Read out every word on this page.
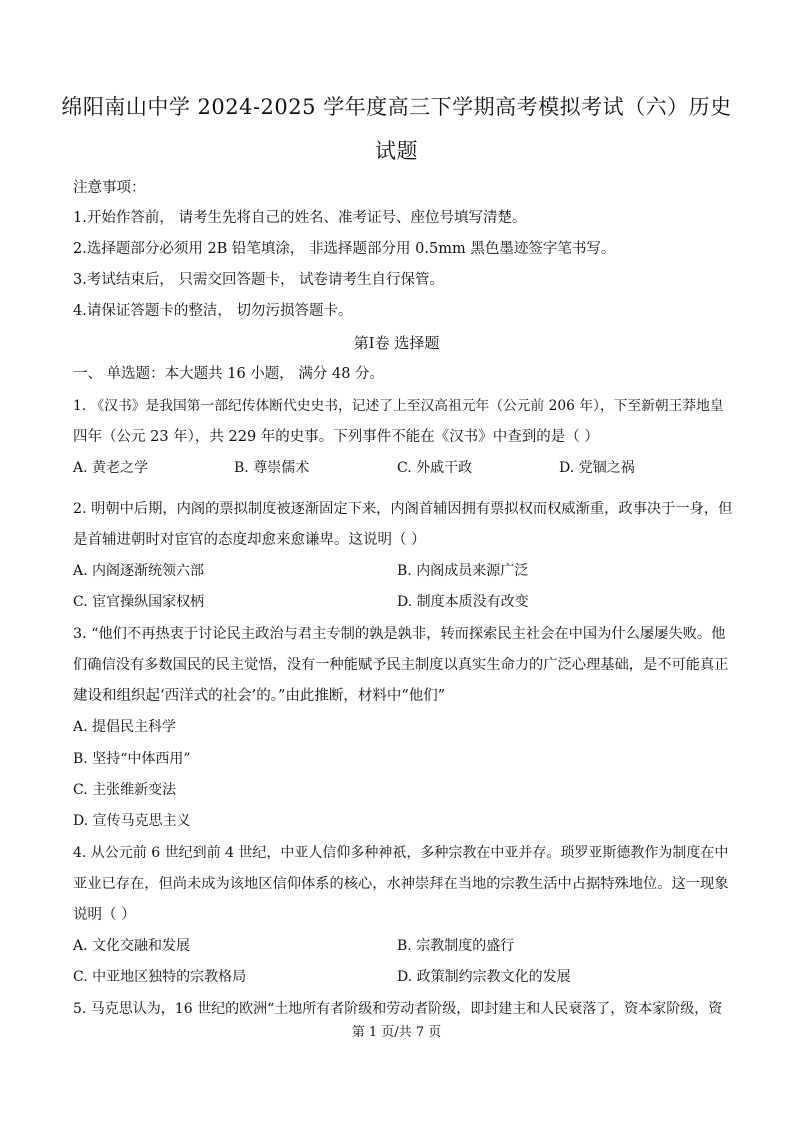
绵阳南山中学 2024-2025 学年度高三下学期高考模拟考试（六）历史
试题
注意事项：
1.开始作答前， 请考生先将自己的姓名、准考证号、座位号填写清楚。
2.选择题部分必须用 2B 铅笔填涂， 非选择题部分用 0.5mm 黑色墨迹签字笔书写。
3.考试结束后， 只需交回答题卡， 试卷请考生自行保管。
4.请保证答题卡的整洁， 切勿污损答题卡。
第Ⅰ卷 选择题
一、 单选题：本大题共 16 小题， 满分 48 分。
1. 《汉书》是我国第一部纪传体断代史史书，记述了上至汉高祖元年（公元前 206 年），下至新朝王莽地皇
四年（公元 23 年），共 229 年的史事。下列事件不能在《汉书》中查到的是（ ）
A. 黄老之学	B. 尊崇儒术	C. 外戚干政	D. 党锢之祸
2. 明朝中后期，内阁的票拟制度被逐渐固定下来，内阁首辅因拥有票拟权而权威渐重，政事决于一身，但
是首辅进朝时对宦官的态度却愈来愈谦卑。这说明（ ）
A. 内阁逐渐统领六部	B. 内阁成员来源广泛
C. 宦官操纵国家权柄	D. 制度本质没有改变
3. “他们不再热衷于讨论民主政治与君主专制的孰是孰非，转而探索民主社会在中国为什么屡屡失败。他
们确信没有多数国民的民主觉悟，没有一种能赋予民主制度以真实生命力的广泛心理基础，是不可能真正
建设和组织起‘西洋式的社会’的。”由此推断，材料中“他们”
A. 提倡民主科学
B. 坚持“中体西用”
C. 主张维新变法
D. 宣传马克思主义
4. 从公元前 6 世纪到前 4 世纪，中亚人信仰多种神祇，多种宗教在中亚并存。琐罗亚斯德教作为制度在中
亚业已存在，但尚未成为该地区信仰体系的核心，水神崇拜在当地的宗教生活中占据特殊地位。这一现象
说明（ ）
A. 文化交融和发展	B. 宗教制度的盛行
C. 中亚地区独特的宗教格局	D. 政策制约宗教文化的发展
5. 马克思认为，16 世纪的欧洲“土地所有者阶级和劳动者阶级，即封建主和人民衰落了，资本家阶级，资
第 1 页/共 7 页
